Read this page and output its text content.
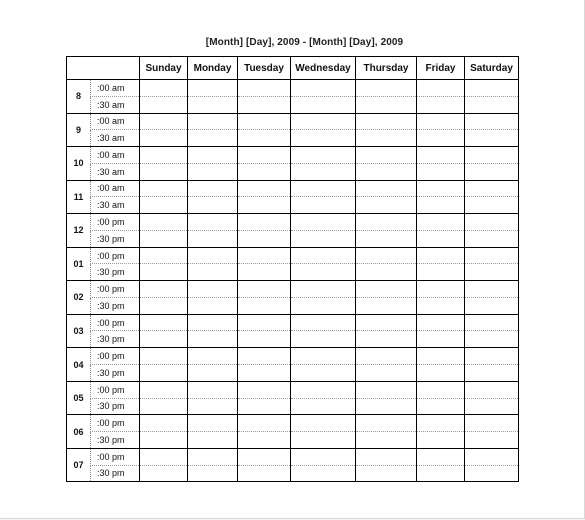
[Month] [Day], 2009 - [Month] [Day], 2009
		Sunday	Monday	Tuesday	Wednesday	Thursday	Friday	Saturday
8	:00 am							
	:30 am							
9	:00 am							
	:30 am							
10	:00 am							
	:30 am							
11	:00 am							
	:30 am							
12	:00 pm							
	:30 pm							
01	:00 pm							
	:30 pm							
02	:00 pm							
	:30 pm							
03	:00 pm							
	:30 pm							
04	:00 pm							
	:30 pm							
05	:00 pm							
	:30 pm							
06	:00 pm							
	:30 pm							
07	:00 pm							
	:30 pm							
